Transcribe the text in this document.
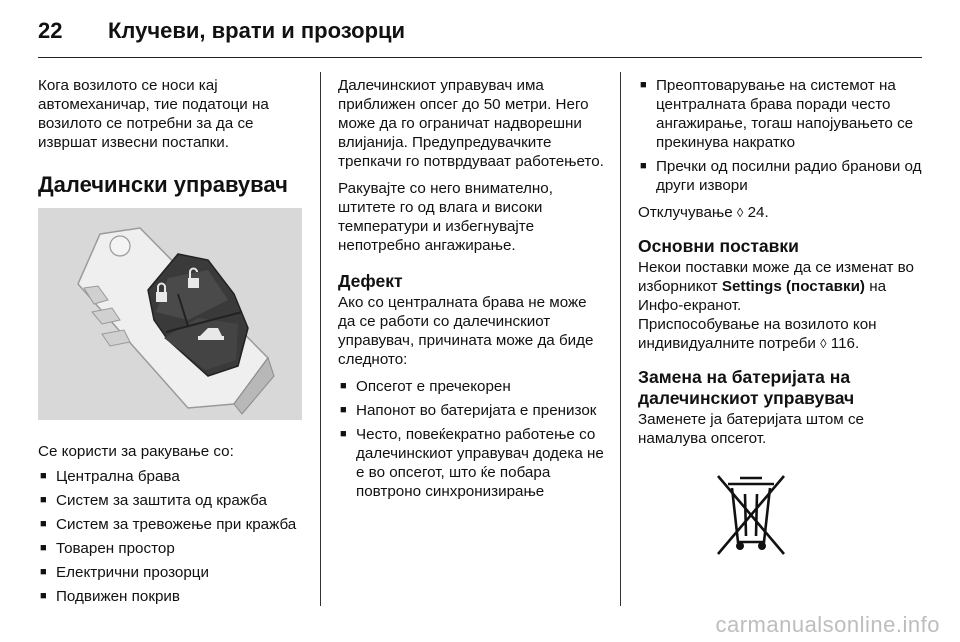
22	Клучеви, врати и прозорци

Кога возилото се носи кај автомеханичар, тие податоци на возилото се потребни за да се извршат извесни постапки.

Далечински управувач

Се користи за ракување со:

■ Централна брава
■ Систем за заштита од кражба
■ Систем за тревожење при кражба
■ Товарен простор
■ Електрични прозорци
■ Подвижен покрив

Далечинскиот управувач има приближен опсег до 50 метри. Него може да го ограничат надворешни влијанија. Предупредувачките трепкачи го потврдуваат работењето.

Ракувајте со него внимателно, штитете го од влага и високи температури и избегнувајте непотребно ангажирање.

Дефект

Ако со централната брава не може да се работи со далечинскиот управувач, причината може да биде следното:

■ Опсегот е пречекорен
■ Напонот во батеријата е пренизок
■ Често, повеќекратно работење со далечинскиот управувач додека не е во опсегот, што ќе побара повтроно синхронизирање
■ Преоптоварување на системот на централната брава поради често ангажирање, тогаш напојувањето се прекинува накратко
■ Пречки од посилни радио бранови од други извори

Отклучување ◊ 24.

Основни поставки

Некои поставки може да се изменат во изборникот Settings (поставки) на Инфо-екранот.

Приспособување на возилото кон индивидуалните потреби ◊ 116.

Замена на батеријата на далечинскиот управувач

Заменете ја батеријата штом се намалува опсегот.

carmanualsonline.info
